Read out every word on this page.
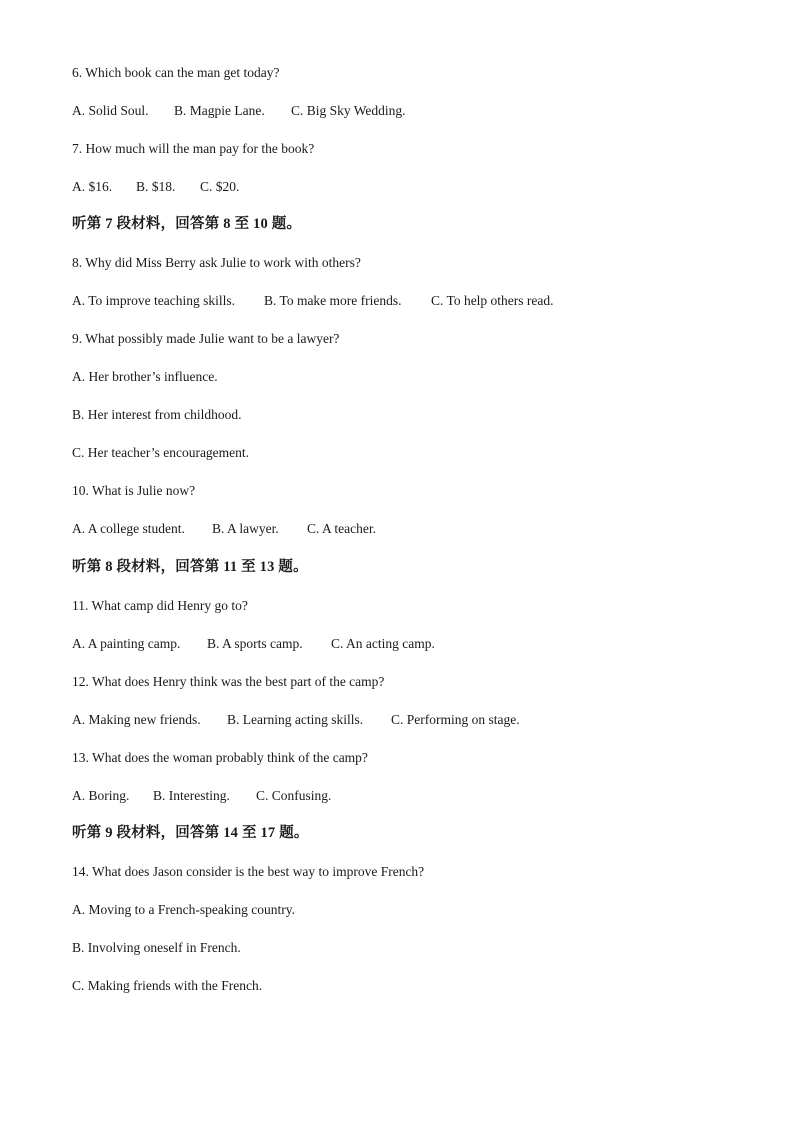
6. Which book can the man get today?
A. Solid Soul. B. Magpie Lane. C. Big Sky Wedding.
7. How much will the man pay for the book?
A. $16. B. $18. C. $20.
听第 7 段材料，回答第 8 至 10 题。
8. Why did Miss Berry ask Julie to work with others?
A. To improve teaching skills. B. To make more friends. C. To help others read.
9. What possibly made Julie want to be a lawyer?
A. Her brother’s influence.
B. Her interest from childhood.
C. Her teacher’s encouragement.
10. What is Julie now?
A. A college student. B. A lawyer. C. A teacher.
听第 8 段材料，回答第 11 至 13 题。
11. What camp did Henry go to?
A. A painting camp. B. A sports camp. C. An acting camp.
12. What does Henry think was the best part of the camp?
A. Making new friends. B. Learning acting skills. C. Performing on stage.
13. What does the woman probably think of the camp?
A. Boring. B. Interesting. C. Confusing.
听第 9 段材料，回答第 14 至 17 题。
14. What does Jason consider is the best way to improve French?
A. Moving to a French-speaking country.
B. Involving oneself in French.
C. Making friends with the French.
